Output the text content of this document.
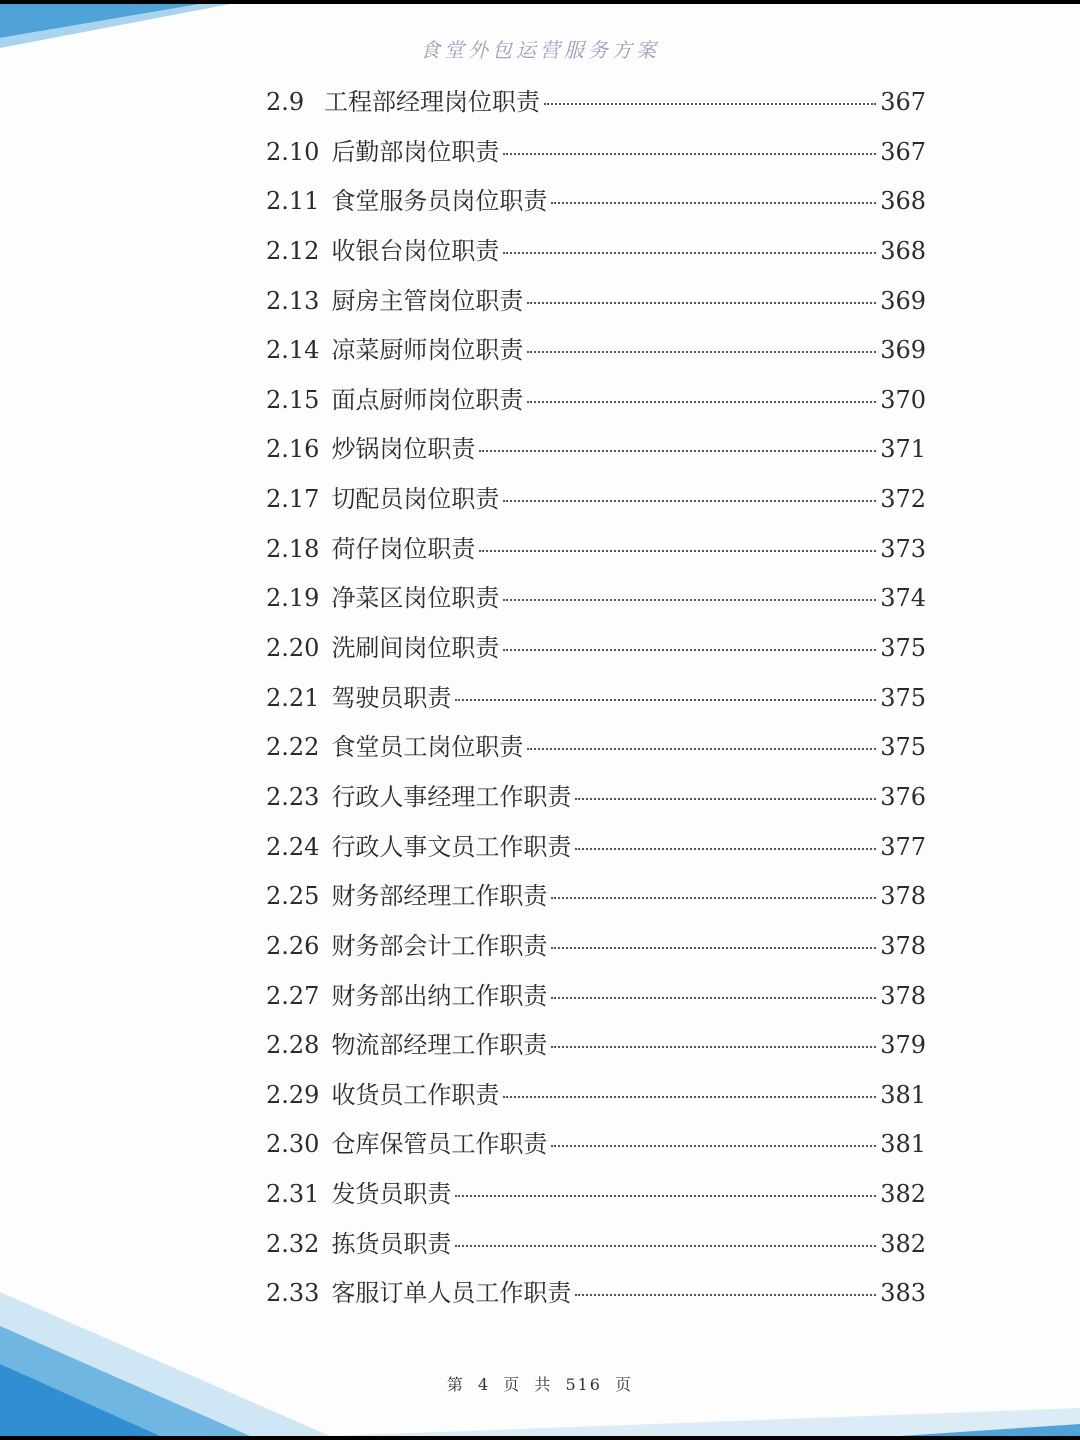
食堂外包运营服务方案
2.9 工程部经理岗位职责	367
2.10 后勤部岗位职责	367
2.11 食堂服务员岗位职责	368
2.12 收银台岗位职责	368
2.13 厨房主管岗位职责	369
2.14 凉菜厨师岗位职责	369
2.15 面点厨师岗位职责	370
2.16 炒锅岗位职责	371
2.17 切配员岗位职责	372
2.18 荷仔岗位职责	373
2.19 净菜区岗位职责	374
2.20 洗刷间岗位职责	375
2.21 驾驶员职责	375
2.22 食堂员工岗位职责	375
2.23 行政人事经理工作职责	376
2.24 行政人事文员工作职责	377
2.25 财务部经理工作职责	378
2.26 财务部会计工作职责	378
2.27 财务部出纳工作职责	378
2.28 物流部经理工作职责	379
2.29 收货员工作职责	381
2.30 仓库保管员工作职责	381
2.31 发货员职责	382
2.32 拣货员职责	382
2.33 客服订单人员工作职责	383
第 4 页 共 516 页
